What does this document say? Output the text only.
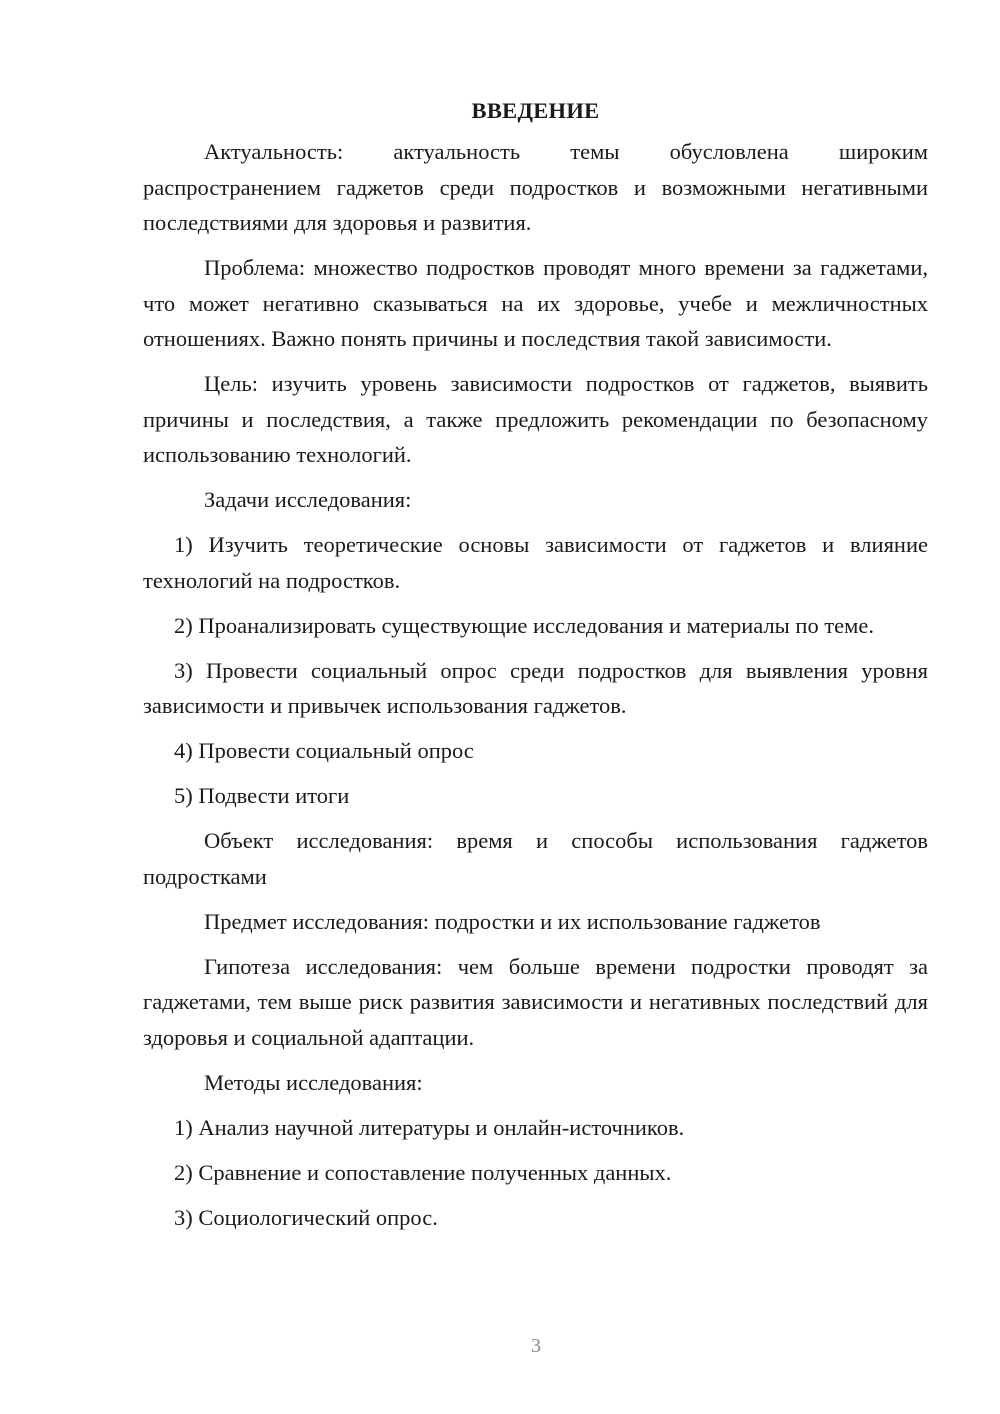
ВВЕДЕНИЕ

Актуальность: актуальность темы обусловлена широким распространением гаджетов среди подростков и возможными негативными последствиями для здоровья и развития.

Проблема: множество подростков проводят много времени за гаджетами, что может негативно сказываться на их здоровье, учебе и межличностных отношениях. Важно понять причины и последствия такой зависимости.

Цель: изучить уровень зависимости подростков от гаджетов, выявить причины и последствия, а также предложить рекомендации по безопасному использованию технологий.

Задачи исследования:

1) Изучить теоретические основы зависимости от гаджетов и влияние технологий на подростков.

2) Проанализировать существующие исследования и материалы по теме.

3) Провести социальный опрос среди подростков для выявления уровня зависимости и привычек использования гаджетов.

4) Провести социальный опрос

5) Подвести итоги

Объект исследования: время и способы использования гаджетов подростками

Предмет исследования: подростки и их использование гаджетов

Гипотеза исследования: чем больше времени подростки проводят за гаджетами, тем выше риск развития зависимости и негативных последствий для здоровья и социальной адаптации.

Методы исследования:

1) Анализ научной литературы и онлайн-источников.

2) Сравнение и сопоставление полученных данных.

3) Социологический опрос.

3
